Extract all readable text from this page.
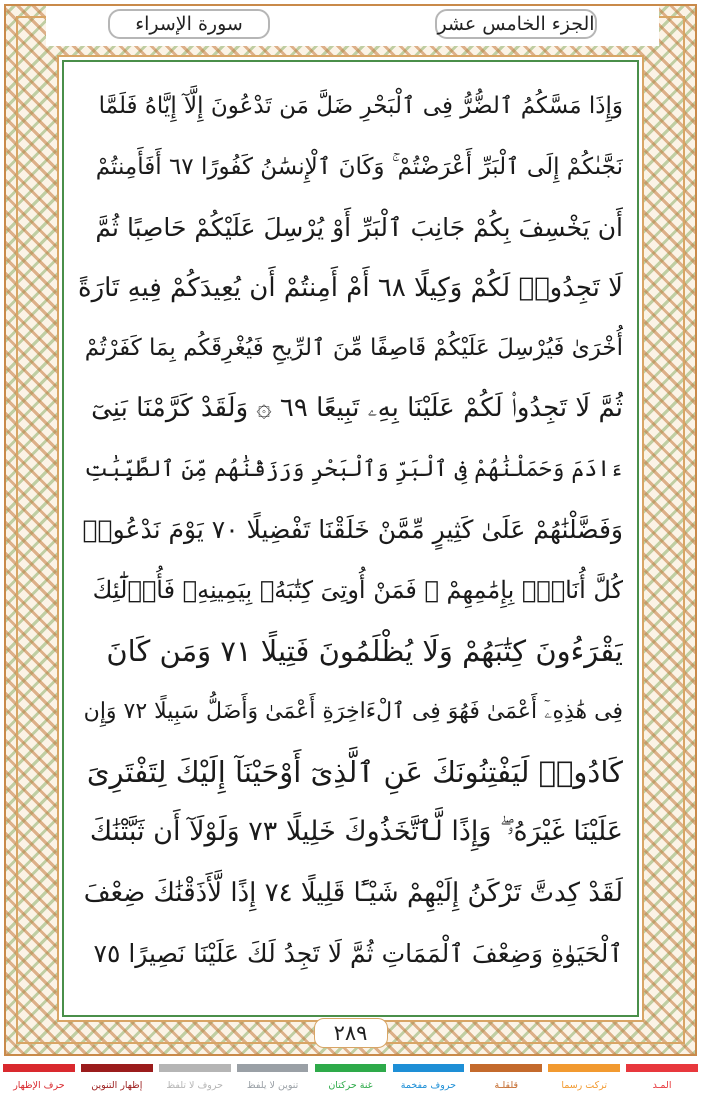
سورة الإسراء	الجزء الخامس عشر
وَإِذَا مَسَّكُمُ ٱلضُّرُّ فِى ٱلْبَحْرِ ضَلَّ مَن تَدْعُونَ إِلَّآ إِيَّاهُ فَلَمَّا
نَجَّىٰكُمْ إِلَى ٱلْبَرِّ أَعْرَضْتُمْ ۚ وَكَانَ ٱلْإِنسَٰنُ كَفُورًا ٦٧ أَفَأَمِنتُمْ
أَن يَخْسِفَ بِكُمْ جَانِبَ ٱلْبَرِّ أَوْ يُرْسِلَ عَلَيْكُمْ حَاصِبًا ثُمَّ
لَا تَجِدُوا۟ لَكُمْ وَكِيلًا ٦٨ أَمْ أَمِنتُمْ أَن يُعِيدَكُمْ فِيهِ تَارَةً
أُخْرَىٰ فَيُرْسِلَ عَلَيْكُمْ قَاصِفًا مِّنَ ٱلرِّيحِ فَيُغْرِقَكُم بِمَا كَفَرْتُمْ
ثُمَّ لَا تَجِدُوا۟ لَكُمْ عَلَيْنَا بِهِۦ تَبِيعًا ٦٩ ۞ وَلَقَدْ كَرَّمْنَا بَنِىٓ
ءَادَمَ وَحَمَلْنَٰهُمْ فِى ٱلْبَرِّ وَٱلْبَحْرِ وَرَزَقْنَٰهُم مِّنَ ٱلطَّيِّبَٰتِ
وَفَضَّلْنَٰهُمْ عَلَىٰ كَثِيرٍ مِّمَّنْ خَلَقْنَا تَفْضِيلًا ٧٠ يَوْمَ نَدْعُوا۟
كُلَّ أُنَاسٍۭ بِإِمَٰمِهِمْ ۖ فَمَنْ أُوتِىَ كِتَٰبَهُۥ بِيَمِينِهِۦ فَأُو۟لَٰٓئِكَ
يَقْرَءُونَ كِتَٰبَهُمْ وَلَا يُظْلَمُونَ فَتِيلًا ٧١ وَمَن كَانَ
فِى هَٰذِهِۦٓ أَعْمَىٰ فَهُوَ فِى ٱلْءَاخِرَةِ أَعْمَىٰ وَأَضَلُّ سَبِيلًا ٧٢ وَإِن
كَادُوا۟ لَيَفْتِنُونَكَ عَنِ ٱلَّذِىٓ أَوْحَيْنَآ إِلَيْكَ لِتَفْتَرِىَ
عَلَيْنَا غَيْرَهُۥ ۖ وَإِذًا لَّٱتَّخَذُوكَ خَلِيلًا ٧٣ وَلَوْلَآ أَن ثَبَّتْنَٰكَ
لَقَدْ كِدتَّ تَرْكَنُ إِلَيْهِمْ شَيْـًٔا قَلِيلًا ٧٤ إِذًا لَّأَذَقْنَٰكَ ضِعْفَ
ٱلْحَيَوٰةِ وَضِعْفَ ٱلْمَمَاتِ ثُمَّ لَا تَجِدُ لَكَ عَلَيْنَا نَصِيرًا ٧٥
٢٨٩
المـد
تركت رسما
قلقلـة
حروف مفخمة
غنة حركتان
تنوين لا يلفظ
حروف لا تلفظ
إظهار التنوين
حرف الإظهار
